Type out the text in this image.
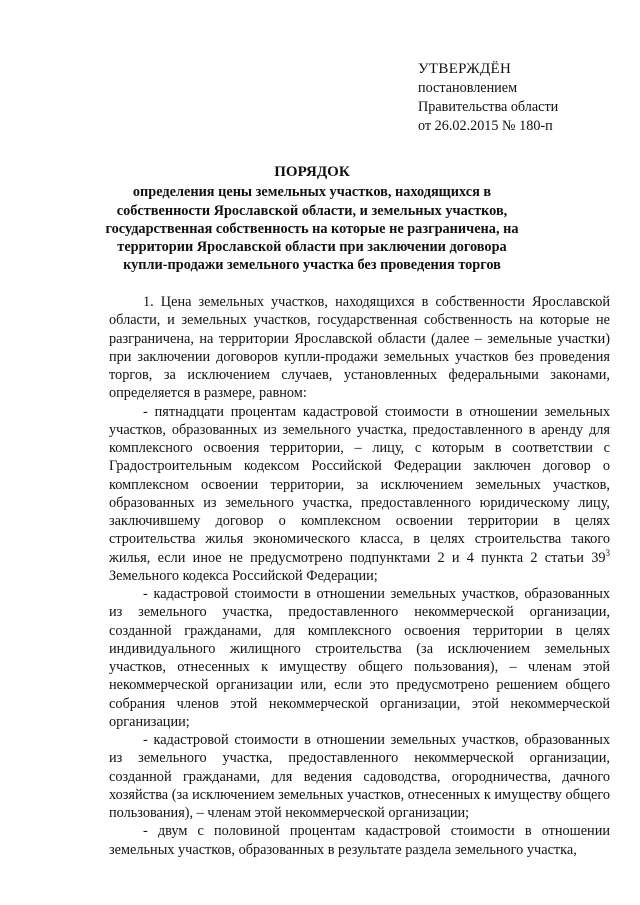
УТВЕРЖДЁН
постановлением
Правительства области
от 26.02.2015 № 180-п
ПОРЯДОК
определения цены земельных участков, находящихся в собственности Ярославской области, и земельных участков, государственная собственность на которые не разграничена, на территории Ярославской области при заключении договора купли-продажи земельного участка без проведения торгов

1. Цена земельных участков, находящихся в собственности Ярославской области, и земельных участков, государственная собственность на которые не разграничена, на территории Ярославской области (далее – земельные участки) при заключении договоров купли-продажи земельных участков без проведения торгов, за исключением случаев, установленных федеральными законами, определяется в размере, равном:

- пятнадцати процентам кадастровой стоимости в отношении земельных участков, образованных из земельного участка, предоставленного в аренду для комплексного освоения территории, – лицу, с которым в соответствии с Градостроительным кодексом Российской Федерации заключен договор о комплексном освоении территории, за исключением земельных участков, образованных из земельного участка, предоставленного юридическому лицу, заключившему договор о комплексном освоении территории в целях строительства жилья экономического класса, в целях строительства такого жилья, если иное не предусмотрено подпунктами 2 и 4 пункта 2 статьи $39^3$ Земельного кодекса Российской Федерации;

- кадастровой стоимости в отношении земельных участков, образованных из земельного участка, предоставленного некоммерческой организации, созданной гражданами, для комплексного освоения территории в целях индивидуального жилищного строительства (за исключением земельных участков, отнесенных к имуществу общего пользования), – членам этой некоммерческой организации или, если это предусмотрено решением общего собрания членов этой некоммерческой организации, этой некоммерческой организации;

- кадастровой стоимости в отношении земельных участков, образованных из земельного участка, предоставленного некоммерческой организации, созданной гражданами, для ведения садоводства, огородничества, дачного хозяйства (за исключением земельных участков, отнесенных к имуществу общего пользования), – членам этой некоммерческой организации;

- двум с половиной процентам кадастровой стоимости в отношении земельных участков, образованных в результате раздела земельного участка,
